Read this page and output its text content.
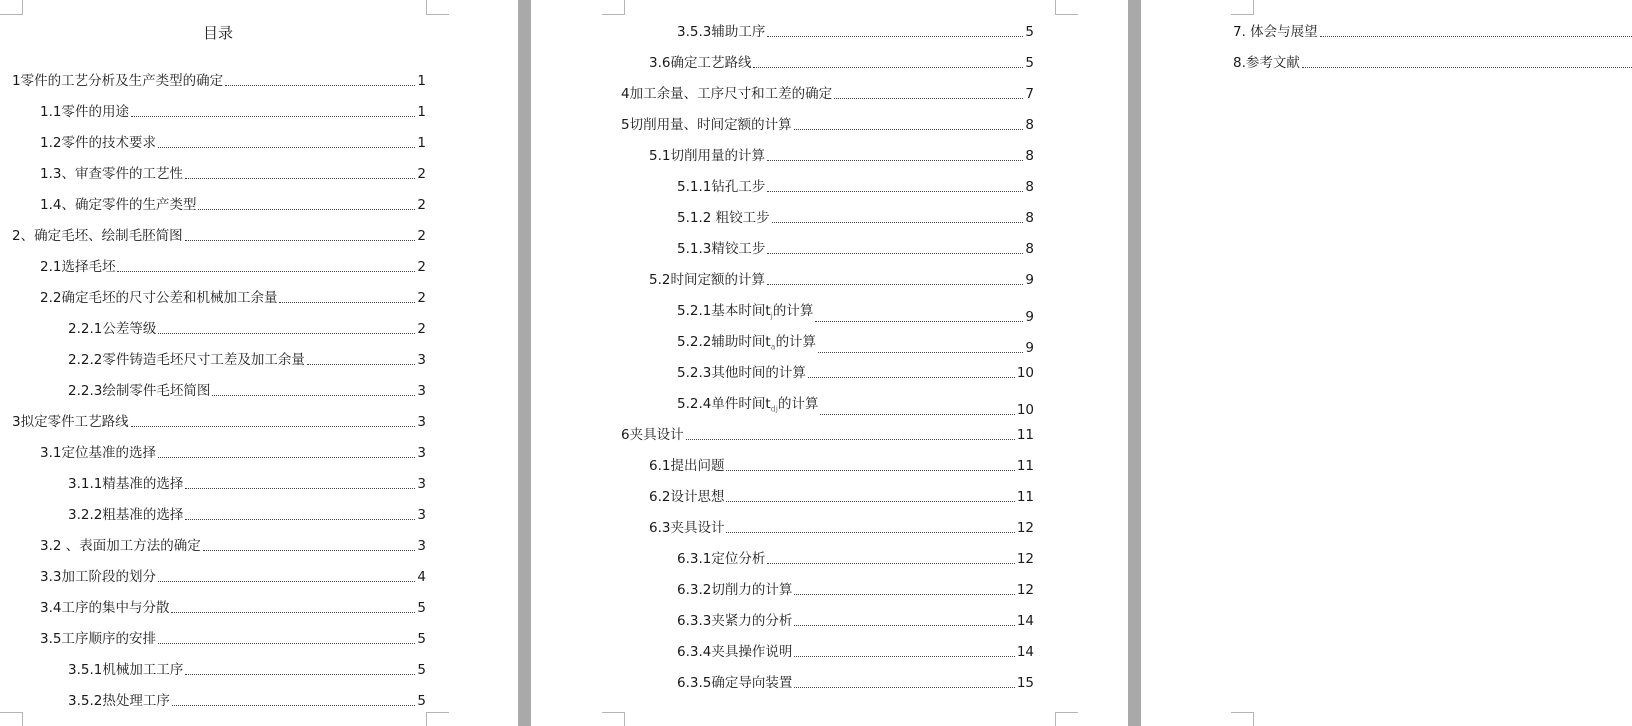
目录
1零件的工艺分析及生产类型的确定	1
1.1零件的用途	1
1.2零件的技术要求	1
1.3、审查零件的工艺性	2
1.4、确定零件的生产类型	2
2、确定毛坯、绘制毛胚简图	2
2.1选择毛坯	2
2.2确定毛坯的尺寸公差和机械加工余量	2
2.2.1公差等级	2
2.2.2零件铸造毛坯尺寸工差及加工余量	3
2.2.3绘制零件毛坯简图	3
3拟定零件工艺路线	3
3.1定位基准的选择	3
3.1.1精基准的选择	3
3.2.2粗基准的选择	3
3.2 、表面加工方法的确定	3
3.3加工阶段的划分	4
3.4工序的集中与分散	5
3.5工序顺序的安排	5
3.5.1机械加工工序	5
3.5.2热处理工序	5
3.5.3辅助工序	5
3.6确定工艺路线	5
4加工余量、工序尺寸和工差的确定	7
5切削用量、时间定额的计算	8
5.1切削用量的计算	8
5.1.1钻孔工步	8
5.1.2 粗铰工步	8
5.1.3精铰工步	8
5.2时间定额的计算	9
5.2.1基本时间$t_j$的计算	9
5.2.2辅助时间$t_a$的计算	9
5.2.3其他时间的计算	10
5.2.4单件时间$t_{dj}$的计算	10
6夹具设计	11
6.1提出问题	11
6.2设计思想	11
6.3夹具设计	12
6.3.1定位分析	12
6.3.2切削力的计算	12
6.3.3夹紧力的分析	14
6.3.4夹具操作说明	14
6.3.5确定导向装置	15
7. 体会与展望
8.参考文献
